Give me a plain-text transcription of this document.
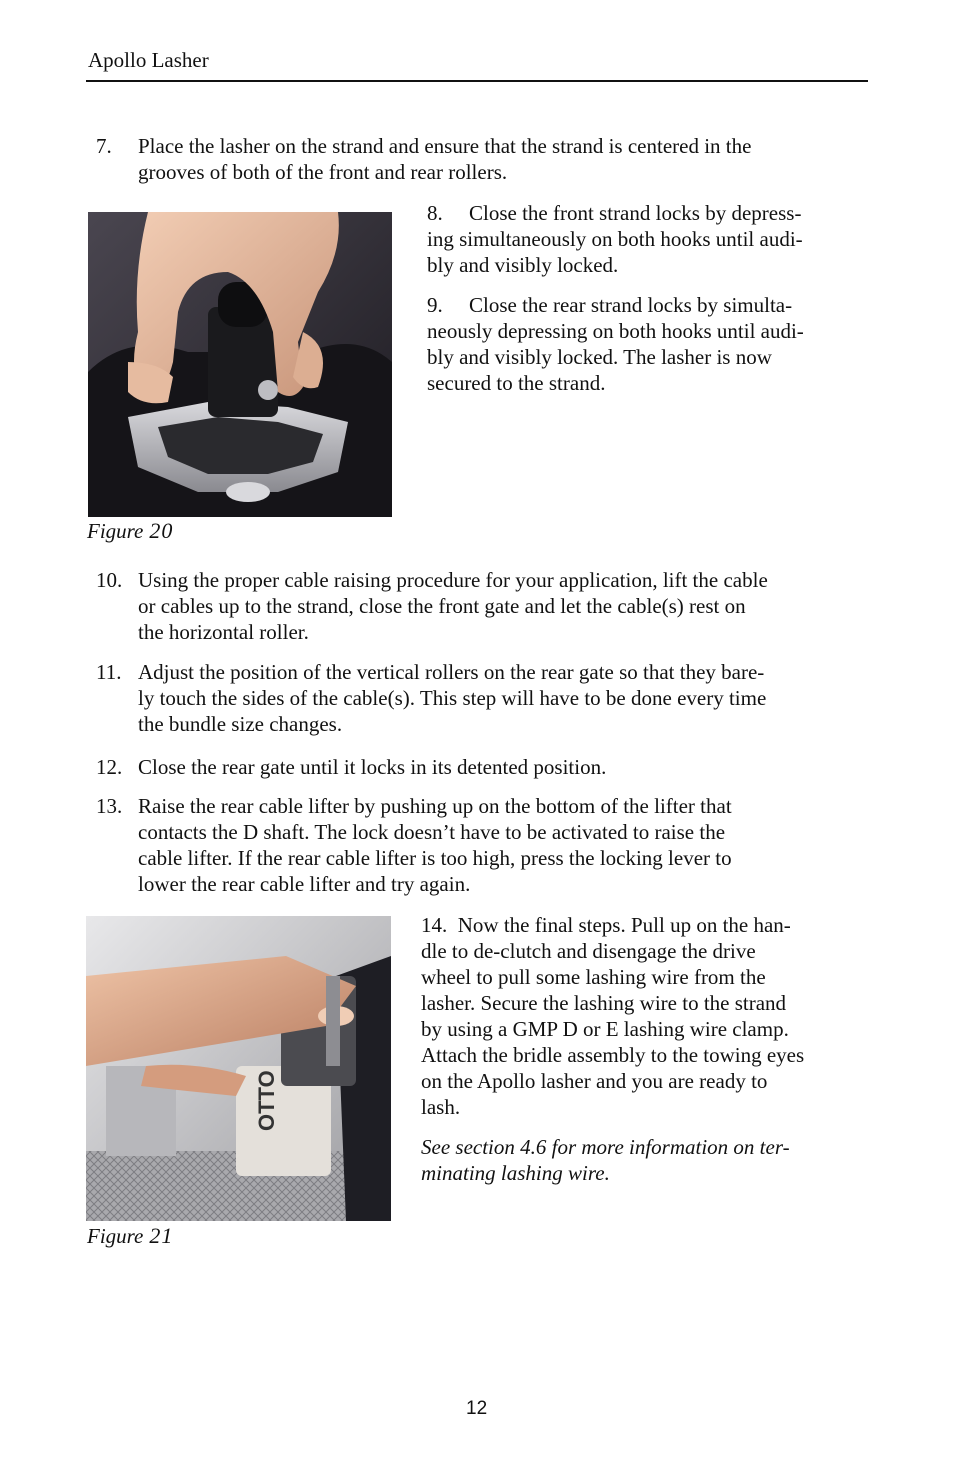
Apollo Lasher
7. Place the lasher on the strand and ensure that the strand is centered in the
grooves of both of the front and rear rollers.
Figure 20
8. Close the front strand locks by depress-
ing simultaneously on both hooks until audi-
bly and visibly locked.
9. Close the rear strand locks by simulta-
neously depressing on both hooks until audi-
bly and visibly locked. The lasher is now
secured to the strand.
10. Using the proper cable raising procedure for your application, lift the cable
or cables up to the strand, close the front gate and let the cable(s) rest on
the horizontal roller.
11. Adjust the position of the vertical rollers on the rear gate so that they bare-
ly touch the sides of the cable(s). This step will have to be done every time
the bundle size changes.
12. Close the rear gate until it locks in its detented position.
13. Raise the rear cable lifter by pushing up on the bottom of the lifter that
contacts the D shaft. The lock doesn’t have to be activated to raise the
cable lifter. If the rear cable lifter is too high, press the locking lever to
lower the rear cable lifter and try again.
OTTO
Figure 21
14. Now the final steps. Pull up on the han-
dle to de-clutch and disengage the drive
wheel to pull some lashing wire from the
lasher. Secure the lashing wire to the strand
by using a GMP D or E lashing wire clamp.
Attach the bridle assembly to the towing eyes
on the Apollo lasher and you are ready to
lash.
See section 4.6 for more information on ter-
minating lashing wire.
12
